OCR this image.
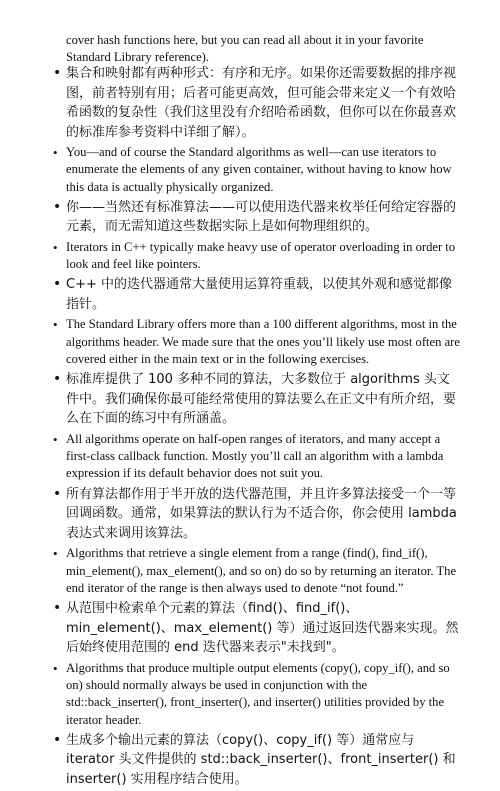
cover hash functions here, but you can read all about it in your favorite Standard Library reference).
• 集合和映射都有两种形式：有序和无序。如果你还需要数据的排序视图，前者特别有用；后者可能更高效，但可能会带来定义一个有效哈希函数的复杂性（我们这里没有介绍哈希函数，但你可以在你最喜欢的标准库参考资料中详细了解）。
• You—and of course the Standard algorithms as well—can use iterators to enumerate the elements of any given container, without having to know how this data is actually physically organized.
• 你——当然还有标准算法——可以使用迭代器来枚举任何给定容器的元素，而无需知道这些数据实际上是如何物理组织的。
• Iterators in C++ typically make heavy use of operator overloading in order to look and feel like pointers.
• C++ 中的迭代器通常大量使用运算符重载，以使其外观和感觉都像指针。
• The Standard Library offers more than a 100 different algorithms, most in the algorithms header. We made sure that the ones you’ll likely use most often are covered either in the main text or in the following exercises.
• 标准库提供了 100 多种不同的算法，大多数位于 algorithms 头文件中。我们确保你最可能经常使用的算法要么在正文中有所介绍，要么在下面的练习中有所涵盖。
• All algorithms operate on half-open ranges of iterators, and many accept a first-class callback function. Mostly you’ll call an algorithm with a lambda expression if its default behavior does not suit you.
• 所有算法都作用于半开放的迭代器范围，并且许多算法接受一个一等回调函数。通常，如果算法的默认行为不适合你，你会使用 lambda 表达式来调用该算法。
• Algorithms that retrieve a single element from a range (find(), find_if(), min_element(), max_element(), and so on) do so by returning an iterator. The end iterator of the range is then always used to denote “not found.”
• 从范围中检索单个元素的算法（find()、find_if()、min_element()、max_element() 等）通过返回迭代器来实现。然后始终使用范围的 end 迭代器来表示"未找到"。
• Algorithms that produce multiple output elements (copy(), copy_if(), and so on) should normally always be used in conjunction with the std::back_inserter(), front_inserter(), and inserter() utilities provided by the iterator header.
• 生成多个输出元素的算法（copy()、copy_if() 等）通常应与 iterator 头文件提供的 std::back_inserter()、front_inserter() 和 inserter() 实用程序结合使用。
